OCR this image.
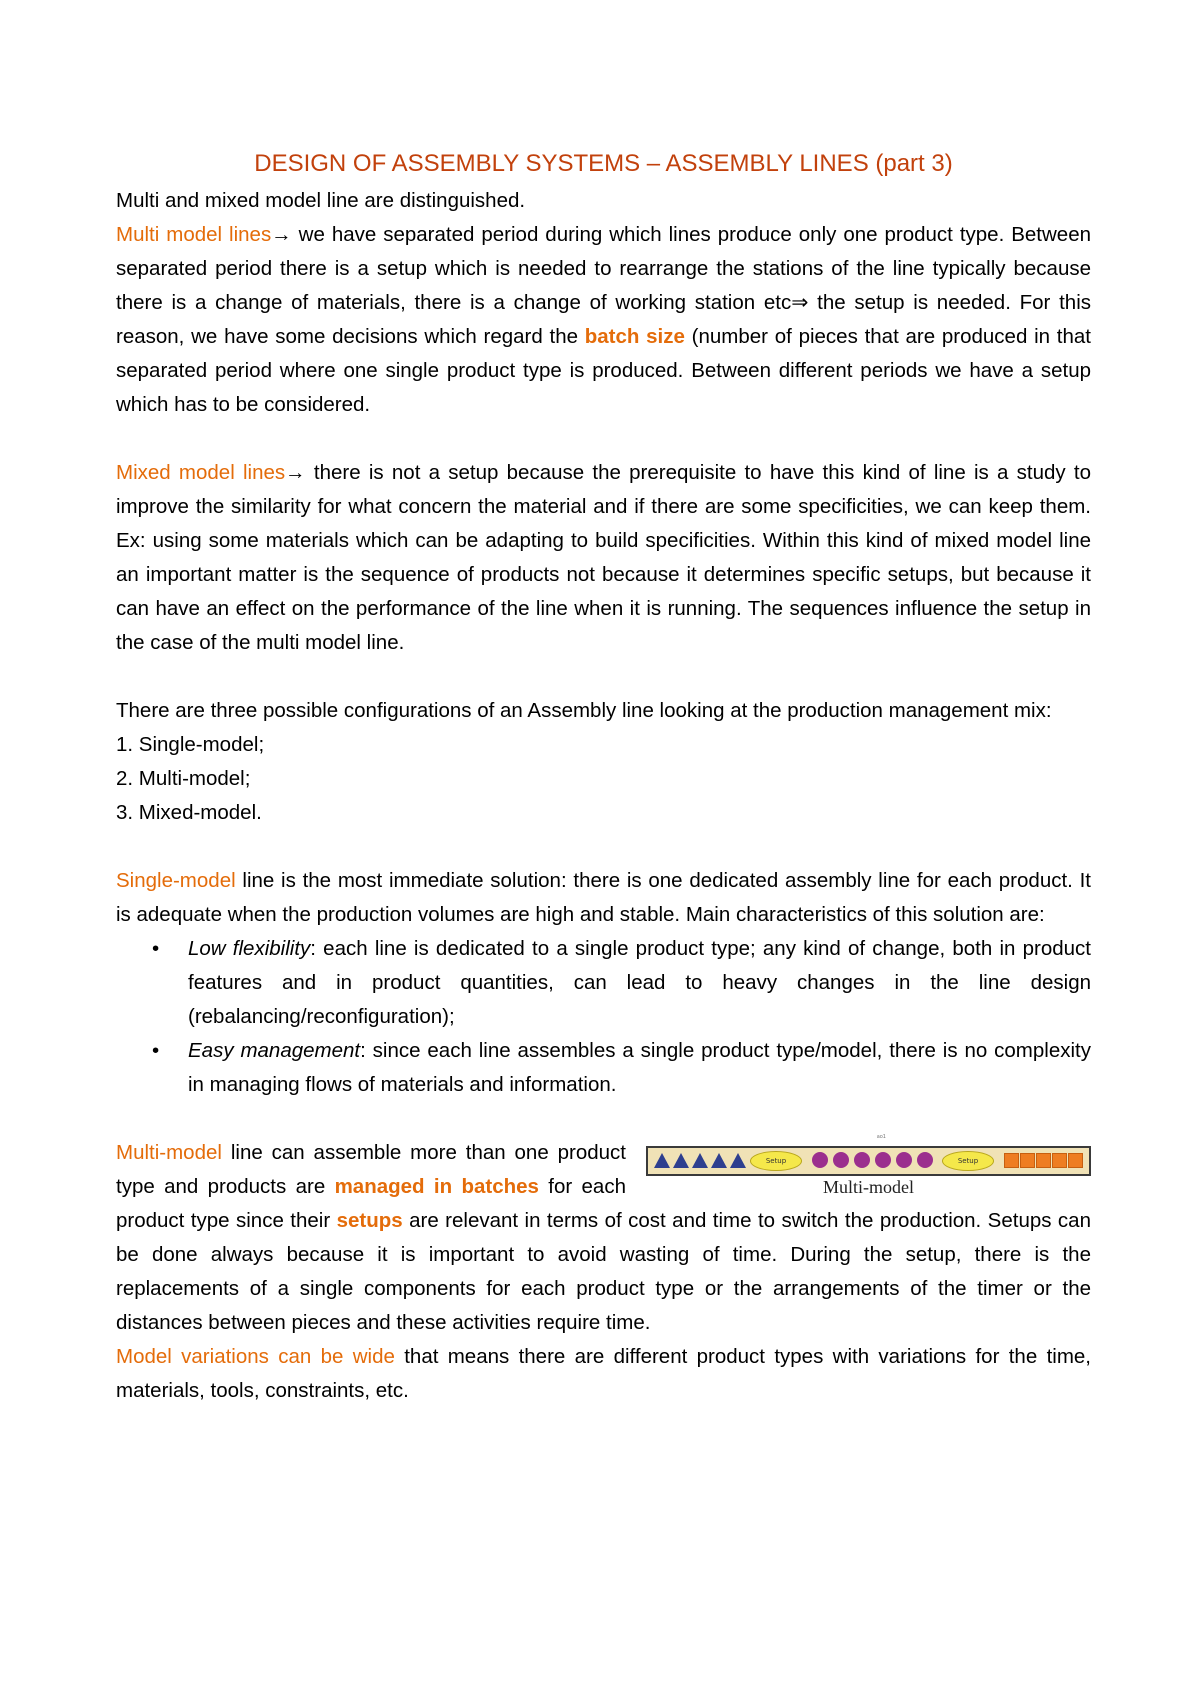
DESIGN OF ASSEMBLY SYSTEMS – ASSEMBLY LINES (part 3)

Multi and mixed model line are distinguished.

Multi model lines→ we have separated period during which lines produce only one product type. Between separated period there is a setup which is needed to rearrange the stations of the line typically because there is a change of materials, there is a change of working station etc⇒ the setup is needed. For this reason, we have some decisions which regard the batch size (number of pieces that are produced in that separated period where one single product type is produced. Between different periods we have a setup which has to be considered.

Mixed model lines→ there is not a setup because the prerequisite to have this kind of line is a study to improve the similarity for what concern the material and if there are some specificities, we can keep them. Ex: using some materials which can be adapting to build specificities. Within this kind of mixed model line an important matter is the sequence of products not because it determines specific setups, but because it can have an effect on the performance of the line when it is running. The sequences influence the setup in the case of the multi model line.

There are three possible configurations of an Assembly line looking at the production management mix:

1. Single-model;
2. Multi-model;
3. Mixed-model.

Single-model line is the most immediate solution: there is one dedicated assembly line for each product. It is adequate when the production volumes are high and stable. Main characteristics of this solution are:

• Low flexibility: each line is dedicated to a single product type; any kind of change, both in product features and in product quantities, can lead to heavy changes in the line design (rebalancing/reconfiguration);
• Easy management: since each line assembles a single product type/model, there is no complexity in managing flows of materials and information.
ao1
Setup	Setup
Multi-model

Multi-model line can assemble more than one product type and products are managed in batches for each product type since their setups are relevant in terms of cost and time to switch the production. Setups can be done always because it is important to avoid wasting of time. During the setup, there is the replacements of a single components for each product type or the arrangements of the timer or the distances between pieces and these activities require time.

Model variations can be wide that means there are different product types with variations for the time, materials, tools, constraints, etc.
